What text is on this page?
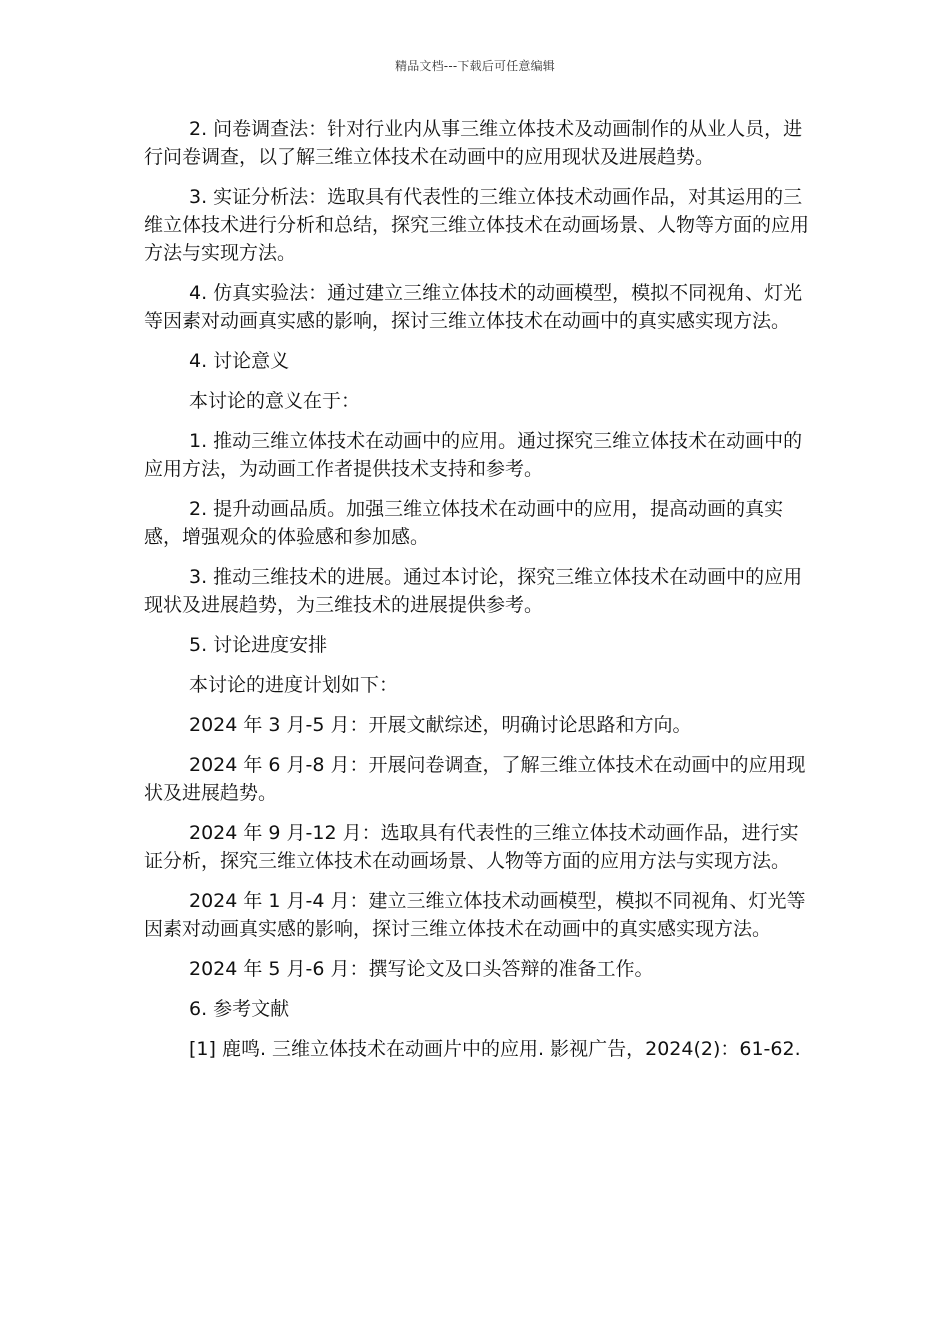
精品文档---下载后可任意编辑

2. 问卷调查法：针对行业内从事三维立体技术及动画制作的从业人员，进行问卷调查，以了解三维立体技术在动画中的应用现状及进展趋势。

3. 实证分析法：选取具有代表性的三维立体技术动画作品，对其运用的三维立体技术进行分析和总结，探究三维立体技术在动画场景、人物等方面的应用方法与实现方法。

4. 仿真实验法：通过建立三维立体技术的动画模型，模拟不同视角、灯光等因素对动画真实感的影响，探讨三维立体技术在动画中的真实感实现方法。

4. 讨论意义

本讨论的意义在于：

1. 推动三维立体技术在动画中的应用。通过探究三维立体技术在动画中的应用方法，为动画工作者提供技术支持和参考。

2. 提升动画品质。加强三维立体技术在动画中的应用，提高动画的真实感，增强观众的体验感和参加感。

3. 推动三维技术的进展。通过本讨论，探究三维立体技术在动画中的应用现状及进展趋势，为三维技术的进展提供参考。

5. 讨论进度安排

本讨论的进度计划如下：

2024 年 3 月-5 月：开展文献综述，明确讨论思路和方向。

2024 年 6 月-8 月：开展问卷调查，了解三维立体技术在动画中的应用现状及进展趋势。

2024 年 9 月-12 月：选取具有代表性的三维立体技术动画作品，进行实证分析，探究三维立体技术在动画场景、人物等方面的应用方法与实现方法。

2024 年 1 月-4 月：建立三维立体技术动画模型，模拟不同视角、灯光等因素对动画真实感的影响，探讨三维立体技术在动画中的真实感实现方法。

2024 年 5 月-6 月：撰写论文及口头答辩的准备工作。

6. 参考文献

[1] 鹿鸣. 三维立体技术在动画片中的应用. 影视广告，2024(2)：61-62.
